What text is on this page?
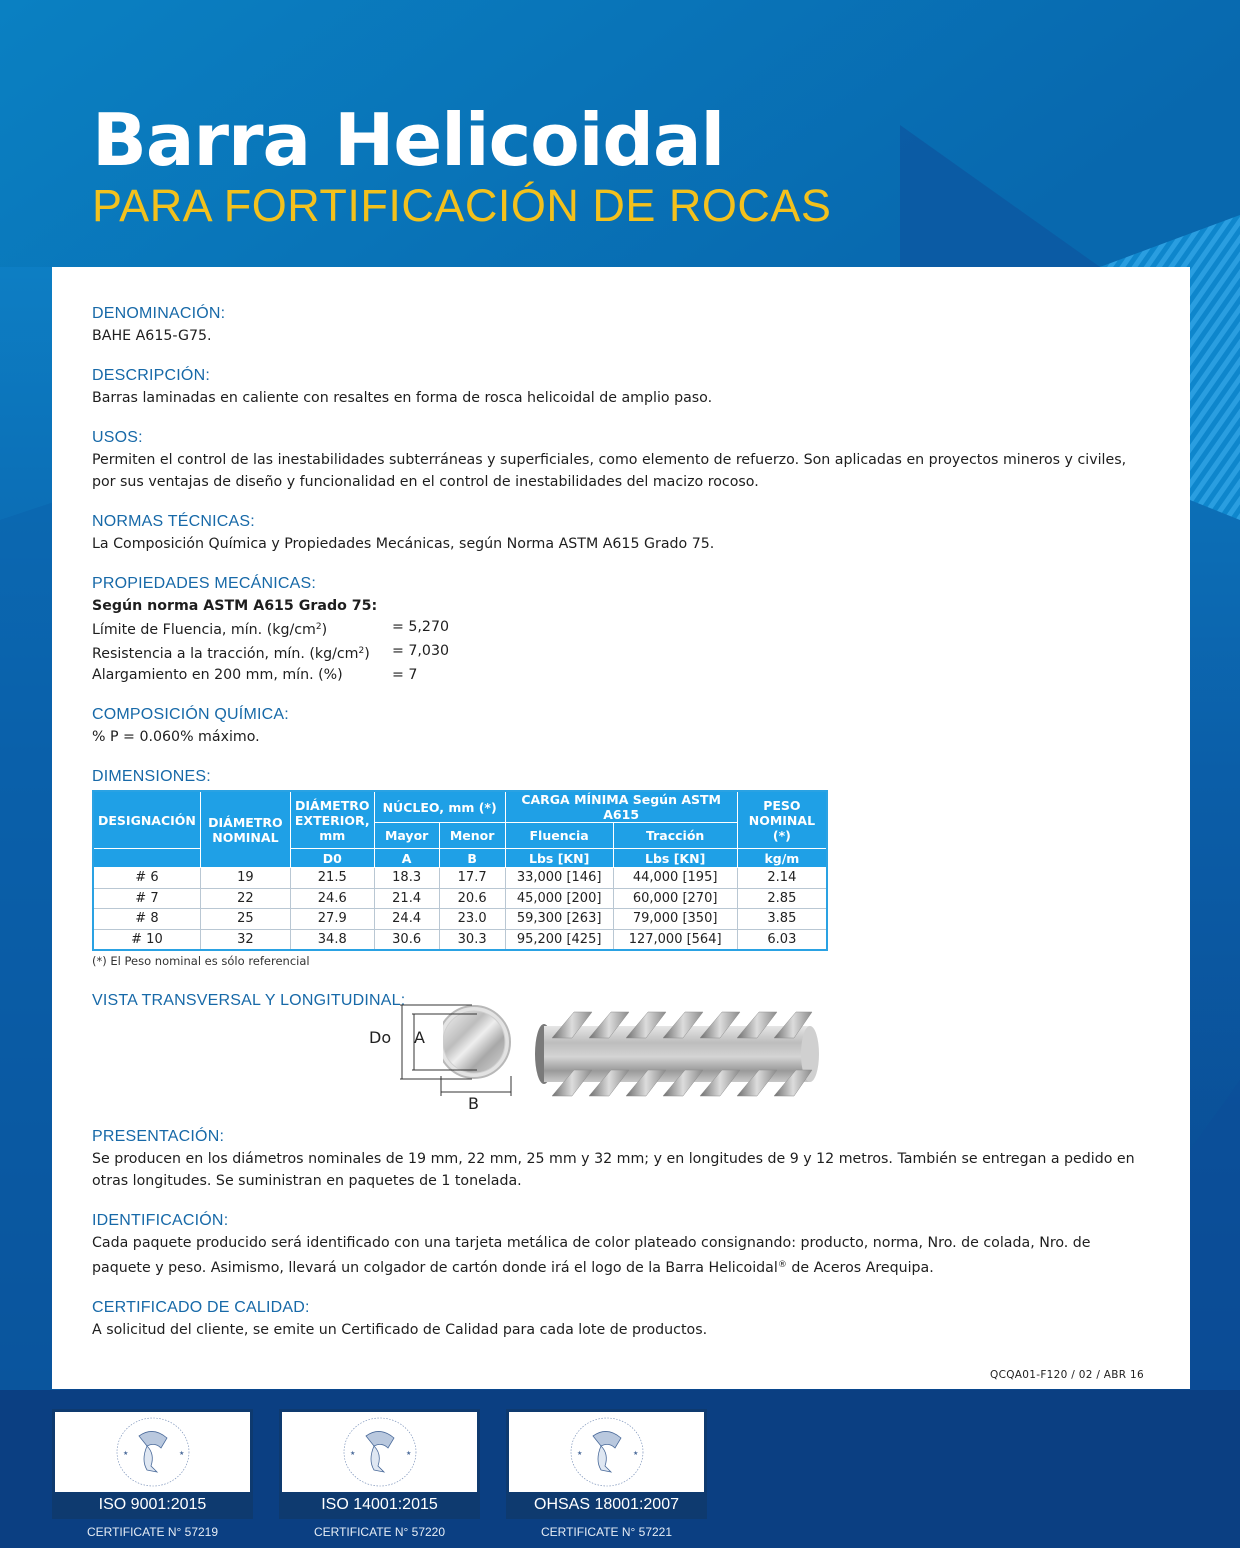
Barra Helicoidal
PARA FORTIFICACIÓN DE ROCAS
DENOMINACIÓN:
BAHE A615-G75.
DESCRIPCIÓN:
Barras laminadas en caliente con resaltes en forma de rosca helicoidal de amplio paso.
USOS:
Permiten el control de las inestabilidades subterráneas y superficiales, como elemento de refuerzo. Son aplicadas en proyectos mineros y civiles, por sus ventajas de diseño y funcionalidad en el control de inestabilidades del macizo rocoso.
NORMAS TÉCNICAS:
La Composición Química y Propiedades Mecánicas, según Norma ASTM A615 Grado 75.
PROPIEDADES MECÁNICAS:
Según norma ASTM A615 Grado 75:
Límite de Fluencia, mín. $(kg/cm^2)$	= 5,270
Resistencia a la tracción, mín. $(kg/cm^2)$	= 7,030
Alargamiento en 200 mm, mín. (%)	= 7
COMPOSICIÓN QUÍMICA:
% P = 0.060% máximo.
DIMENSIONES:
DESIGNACIÓN	DIÁMETRO NOMINAL	DIÁMETRO EXTERIOR, mm	NÚCLEO, mm (*)		CARGA MÍNIMA Según ASTM A615		PESO NOMINAL (*)
			Mayor	Menor	Fluencia	Tracción	
		D0	A	B	Lbs [KN]	Lbs [KN]	kg/m
# 6	19	21.5	18.3	17.7	33,000 [146]	44,000 [195]	2.14
# 7	22	24.6	21.4	20.6	45,000 [200]	60,000 [270]	2.85
# 8	25	27.9	24.4	23.0	59,300 [263]	79,000 [350]	3.85
# 10	32	34.8	30.6	30.3	95,200 [425]	127,000 [564]	6.03
(*) El Peso nominal es sólo referencial
VISTA TRANSVERSAL Y LONGITUDINAL:
Do A
B
PRESENTACIÓN:
Se producen en los diámetros nominales de 19 mm, 22 mm, 25 mm y 32 mm; y en longitudes de 9 y 12 metros. También se entregan a pedido en otras longitudes. Se suministran en paquetes de 1 tonelada.
IDENTIFICACIÓN:
Cada paquete producido será identificado con una tarjeta metálica de color plateado consignando: producto, norma, Nro. de colada, Nro. de paquete y peso. Asimismo, llevará un colgador de cartón donde irá el logo de la Barra Helicoidal® de Aceros Arequipa.
CERTIFICADO DE CALIDAD:
A solicitud del cliente, se emite un Certificado de Calidad para cada lote de productos.
QCQA01-F120 / 02 / ABR 16
★	★
ISO 9001:2015
CERTIFICATE N° 57219
★	★
ISO 14001:2015
CERTIFICATE N° 57220
★	★
OHSAS 18001:2007
CERTIFICATE N° 57221
